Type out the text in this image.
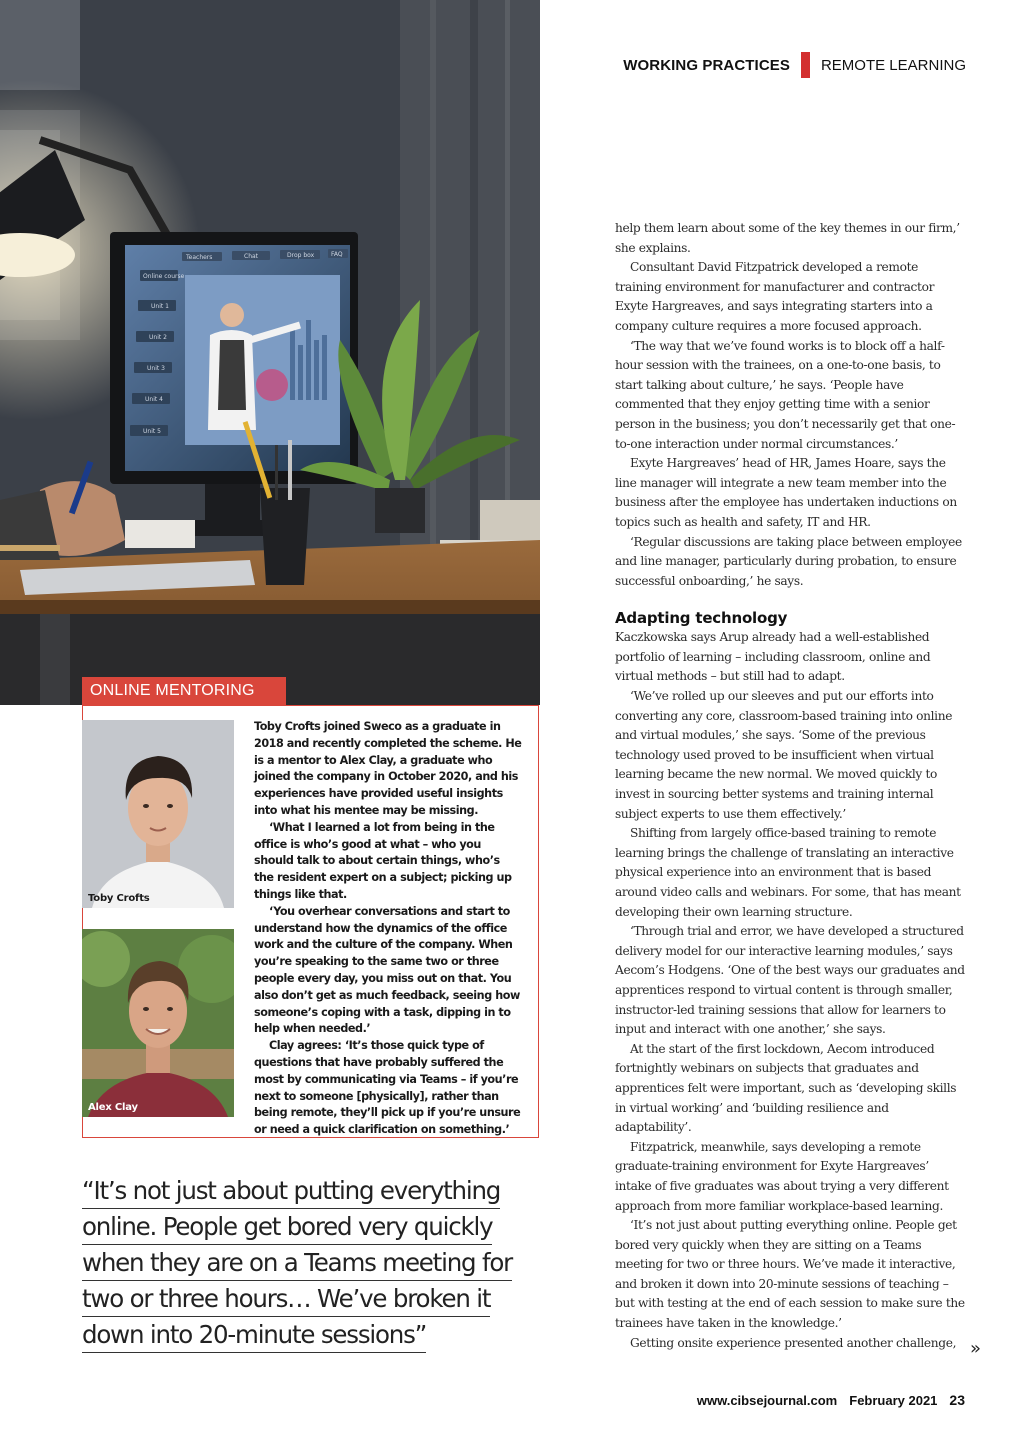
Teachers	Chat	Drop box	FAQ
Online course
Unit 1
Unit 2
Unit 3
Unit 4
Unit 5
WORKING PRACTICES REMOTE LEARNING

help them learn about some of the key themes in our firm,’ she explains.

Consultant David Fitzpatrick developed a remote training environment for manufacturer and contractor Exyte Hargreaves, and says integrating starters into a company culture requires a more focused approach.

‘The way that we’ve found works is to block off a half-hour session with the trainees, on a one-to-one basis, to start talking about culture,’ he says. ‘People have commented that they enjoy getting time with a senior person in the business; you don’t necessarily get that one-to-one interaction under normal circumstances.’

Exyte Hargreaves’ head of HR, James Hoare, says the line manager will integrate a new team member into the business after the employee has undertaken inductions on topics such as health and safety, IT and HR.

‘Regular discussions are taking place between employee and line manager, particularly during probation, to ensure successful onboarding,’ he says.

Adapting technology

Kaczkowska says Arup already had a well-established portfolio of learning – including classroom, online and virtual methods – but still had to adapt.

‘We’ve rolled up our sleeves and put our efforts into converting any core, classroom-based training into online and virtual modules,’ she says. ‘Some of the previous technology used proved to be insufficient when virtual learning became the new normal. We moved quickly to invest in sourcing better systems and training internal subject experts to use them effectively.’

Shifting from largely office-based training to remote learning brings the challenge of translating an interactive physical experience into an environment that is based around video calls and webinars. For some, that has meant developing their own learning structure.

‘Through trial and error, we have developed a structured delivery model for our interactive learning modules,’ says Aecom’s Hodgens. ‘One of the best ways our graduates and apprentices respond to virtual content is through smaller, instructor-led training sessions that allow for learners to input and interact with one another,’ she says.

At the start of the first lockdown, Aecom introduced fortnightly webinars on subjects that graduates and apprentices felt were important, such as ‘developing skills in virtual working’ and ‘building resilience and adaptability’.

Fitzpatrick, meanwhile, says developing a remote graduate-training environment for Exyte Hargreaves’ intake of five graduates was about trying a very different approach from more familiar workplace-based learning.

‘It’s not just about putting everything online. People get bored very quickly when they are sitting on a Teams meeting for two or three hours. We’ve made it interactive, and broken it down into 20-minute sessions of teaching – but with testing at the end of each session to make sure the trainees have taken in the knowledge.’

Getting onsite experience presented another challenge, »
ONLINE MENTORING
Toby Crofts
Alex Clay

Toby Crofts joined Sweco as a graduate in 2018 and recently completed the scheme. He is a mentor to Alex Clay, a graduate who joined the company in October 2020, and his experiences have provided useful insights into what his mentee may be missing.

‘What I learned a lot from being in the office is who’s good at what – who you should talk to about certain things, who’s the resident expert on a subject; picking up things like that.

‘You overhear conversations and start to understand how the dynamics of the office work and the culture of the company. When you’re speaking to the same two or three people every day, you miss out on that. You also don’t get as much feedback, seeing how someone’s coping with a task, dipping in to help when needed.’

Clay agrees: ‘It’s those quick type of questions that have probably suffered the most by communicating via Teams – if you’re next to someone [physically], rather than being remote, they’ll pick up if you’re unsure or need a quick clarification on something.’

“It’s not just about putting everything
online. People get bored very quickly
when they are on a Teams meeting for
two or three hours… We’ve broken it
down into 20-minute sessions”
www.cibsejournal.com February 2021 23
